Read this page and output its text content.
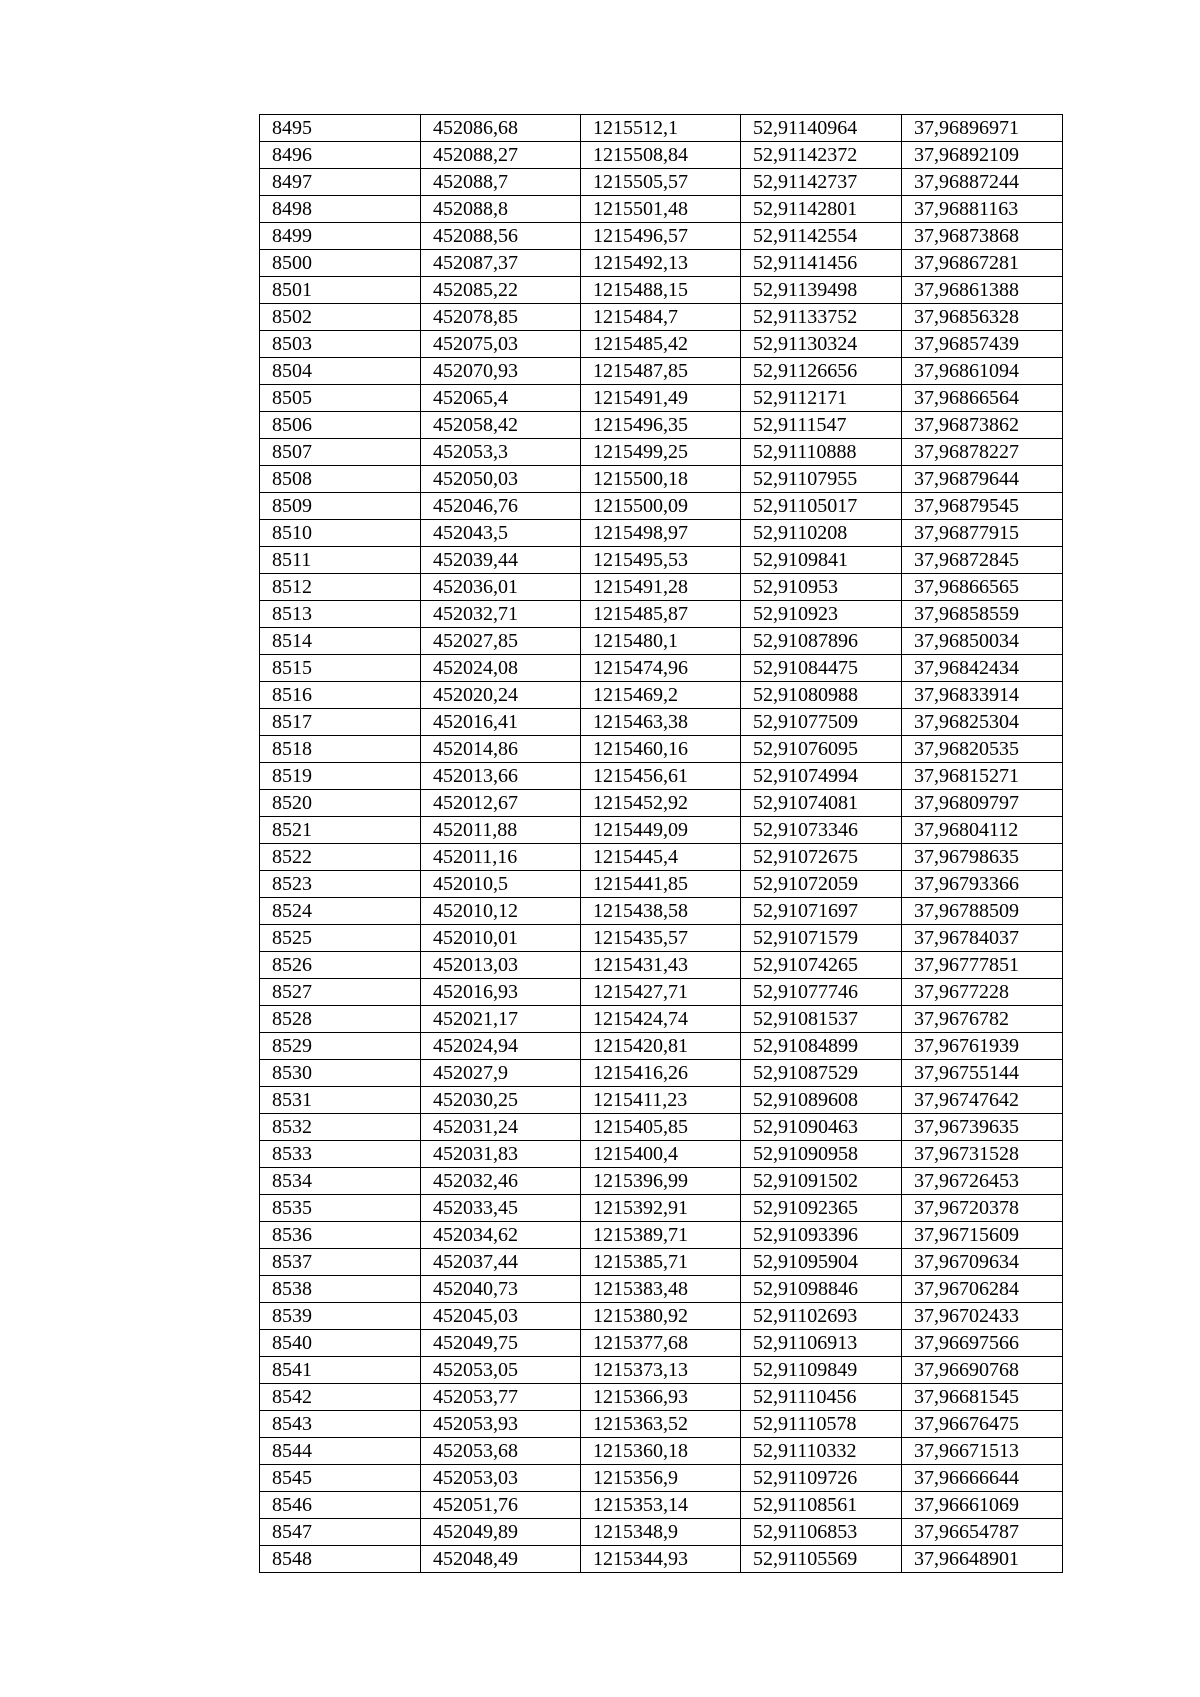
8495	452086,68	1215512,1	52,91140964	37,96896971
8496	452088,27	1215508,84	52,91142372	37,96892109
8497	452088,7	1215505,57	52,91142737	37,96887244
8498	452088,8	1215501,48	52,91142801	37,96881163
8499	452088,56	1215496,57	52,91142554	37,96873868
8500	452087,37	1215492,13	52,91141456	37,96867281
8501	452085,22	1215488,15	52,91139498	37,96861388
8502	452078,85	1215484,7	52,91133752	37,96856328
8503	452075,03	1215485,42	52,91130324	37,96857439
8504	452070,93	1215487,85	52,91126656	37,96861094
8505	452065,4	1215491,49	52,9112171	37,96866564
8506	452058,42	1215496,35	52,9111547	37,96873862
8507	452053,3	1215499,25	52,91110888	37,96878227
8508	452050,03	1215500,18	52,91107955	37,96879644
8509	452046,76	1215500,09	52,91105017	37,96879545
8510	452043,5	1215498,97	52,9110208	37,96877915
8511	452039,44	1215495,53	52,9109841	37,96872845
8512	452036,01	1215491,28	52,910953	37,96866565
8513	452032,71	1215485,87	52,910923	37,96858559
8514	452027,85	1215480,1	52,91087896	37,96850034
8515	452024,08	1215474,96	52,91084475	37,96842434
8516	452020,24	1215469,2	52,91080988	37,96833914
8517	452016,41	1215463,38	52,91077509	37,96825304
8518	452014,86	1215460,16	52,91076095	37,96820535
8519	452013,66	1215456,61	52,91074994	37,96815271
8520	452012,67	1215452,92	52,91074081	37,96809797
8521	452011,88	1215449,09	52,91073346	37,96804112
8522	452011,16	1215445,4	52,91072675	37,96798635
8523	452010,5	1215441,85	52,91072059	37,96793366
8524	452010,12	1215438,58	52,91071697	37,96788509
8525	452010,01	1215435,57	52,91071579	37,96784037
8526	452013,03	1215431,43	52,91074265	37,96777851
8527	452016,93	1215427,71	52,91077746	37,9677228
8528	452021,17	1215424,74	52,91081537	37,9676782
8529	452024,94	1215420,81	52,91084899	37,96761939
8530	452027,9	1215416,26	52,91087529	37,96755144
8531	452030,25	1215411,23	52,91089608	37,96747642
8532	452031,24	1215405,85	52,91090463	37,96739635
8533	452031,83	1215400,4	52,91090958	37,96731528
8534	452032,46	1215396,99	52,91091502	37,96726453
8535	452033,45	1215392,91	52,91092365	37,96720378
8536	452034,62	1215389,71	52,91093396	37,96715609
8537	452037,44	1215385,71	52,91095904	37,96709634
8538	452040,73	1215383,48	52,91098846	37,96706284
8539	452045,03	1215380,92	52,91102693	37,96702433
8540	452049,75	1215377,68	52,91106913	37,96697566
8541	452053,05	1215373,13	52,91109849	37,96690768
8542	452053,77	1215366,93	52,91110456	37,96681545
8543	452053,93	1215363,52	52,91110578	37,96676475
8544	452053,68	1215360,18	52,91110332	37,96671513
8545	452053,03	1215356,9	52,91109726	37,96666644
8546	452051,76	1215353,14	52,91108561	37,96661069
8547	452049,89	1215348,9	52,91106853	37,96654787
8548	452048,49	1215344,93	52,91105569	37,96648901
